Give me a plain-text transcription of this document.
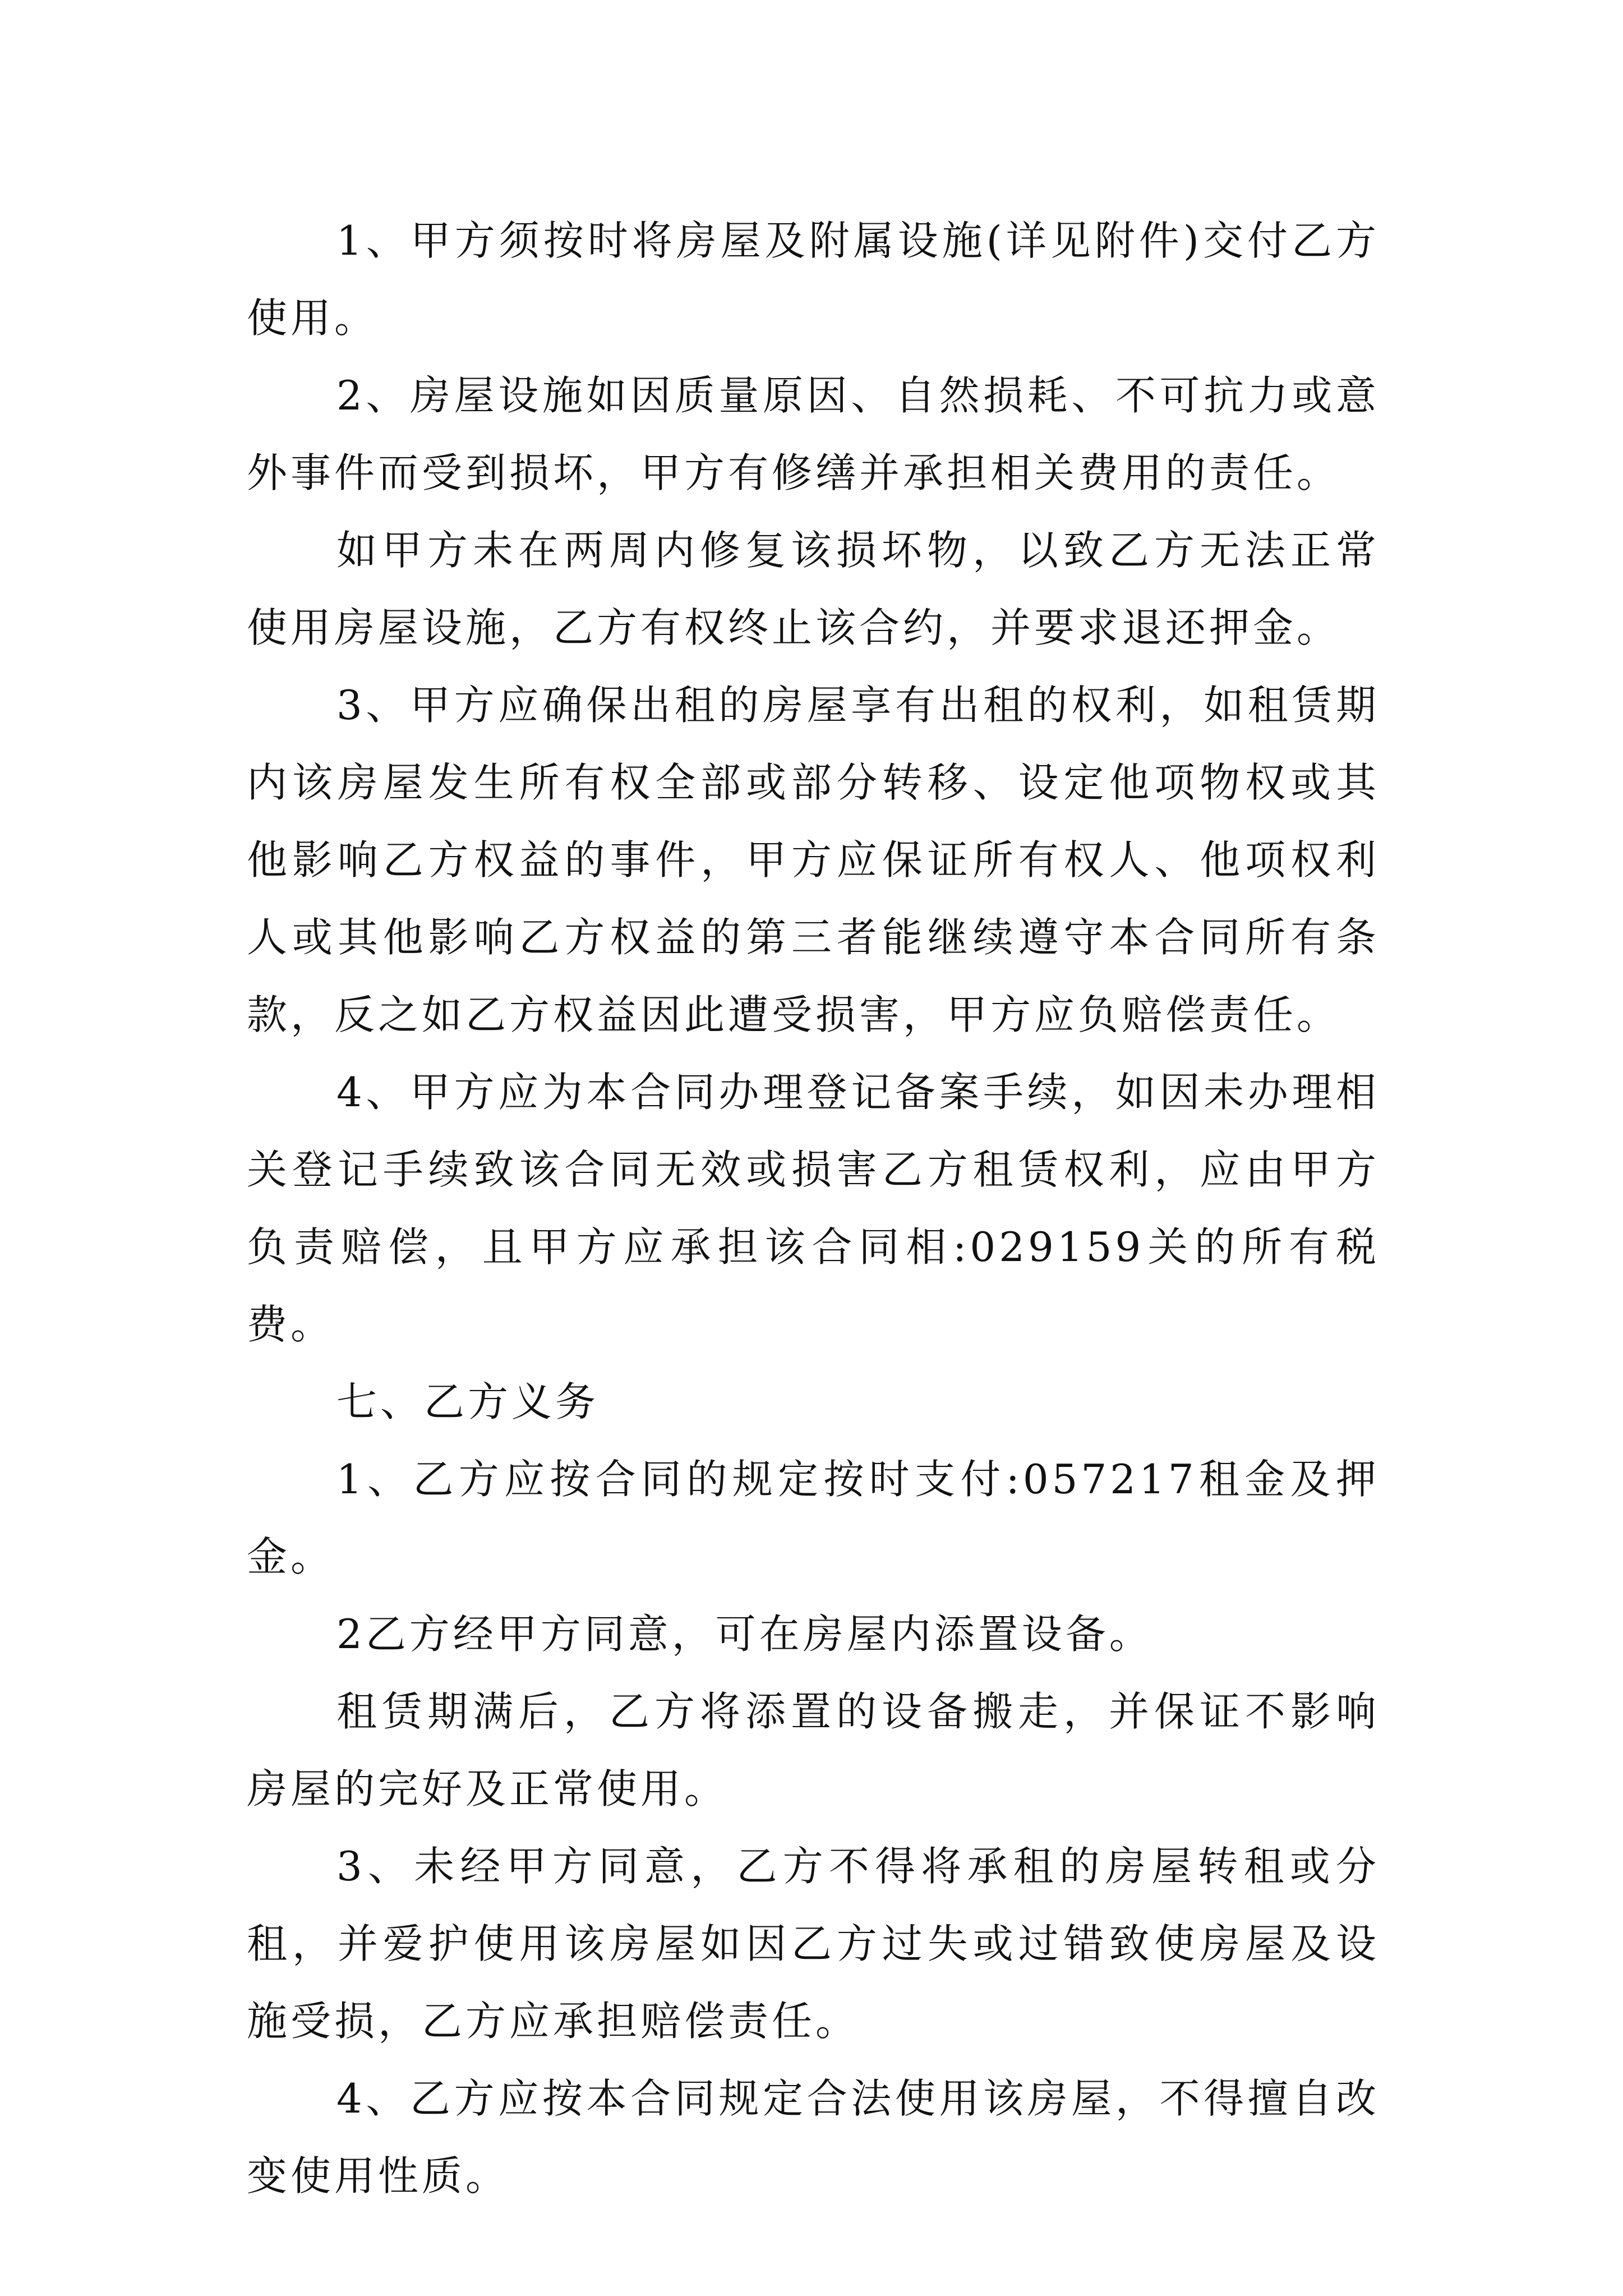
1、甲方须按时将房屋及附属设施(详见附件)交付乙方使用。

2、房屋设施如因质量原因、自然损耗、不可抗力或意外事件而受到损坏，甲方有修缮并承担相关费用的责任。

如甲方未在两周内修复该损坏物，以致乙方无法正常使用房屋设施，乙方有权终止该合约，并要求退还押金。

3、甲方应确保出租的房屋享有出租的权利，如租赁期内该房屋发生所有权全部或部分转移、设定他项物权或其他影响乙方权益的事件，甲方应保证所有权人、他项权利人或其他影响乙方权益的第三者能继续遵守本合同所有条款，反之如乙方权益因此遭受损害，甲方应负赔偿责任。

4、甲方应为本合同办理登记备案手续，如因未办理相关登记手续致该合同无效或损害乙方租赁权利，应由甲方负责赔偿，且甲方应承担该合同相:029159关的所有税费。

七、乙方义务

1、乙方应按合同的规定按时支付:057217租金及押金。

2乙方经甲方同意，可在房屋内添置设备。

租赁期满后，乙方将添置的设备搬走，并保证不影响房屋的完好及正常使用。

3、未经甲方同意，乙方不得将承租的房屋转租或分租，并爱护使用该房屋如因乙方过失或过错致使房屋及设施受损，乙方应承担赔偿责任。

4、乙方应按本合同规定合法使用该房屋，不得擅自改变使用性质。
